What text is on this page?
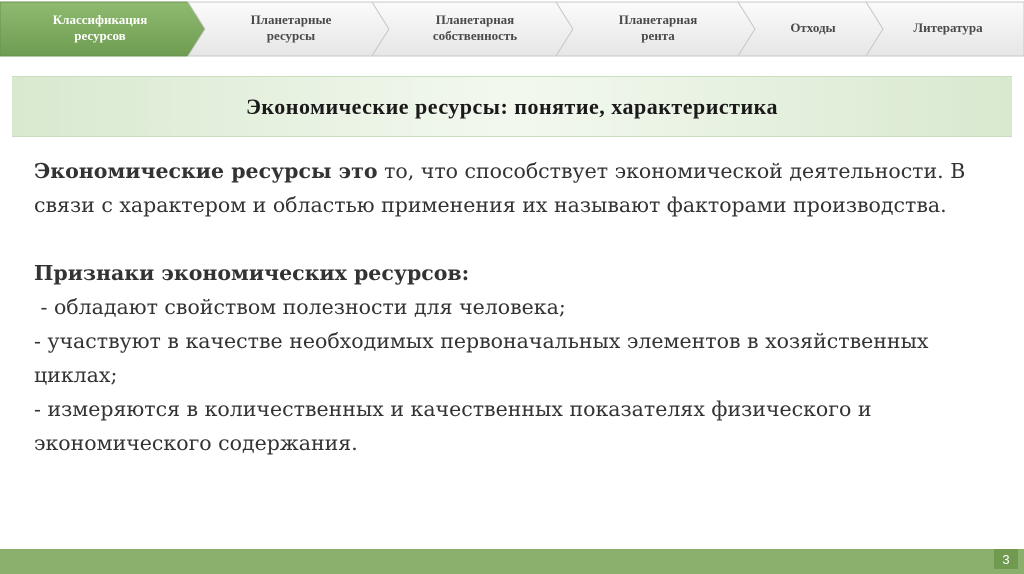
Классификация
ресурсов
Планетарные
ресурсы
Планетарная
собственность
Планетарная
рента
Отходы	Литература
Экономические ресурсы: понятие, характеристика

Экономические ресурсы это то, что способствует экономической деятельности. В связи с характером и областью применения их называют факторами производства.

Признаки экономических ресурсов:

- обладают свойством полезности для человека;

- участвуют в качестве необходимых первоначальных элементов в хозяйственных циклах;

- измеряются в количественных и качественных показателях физического и экономического содержания.

3
